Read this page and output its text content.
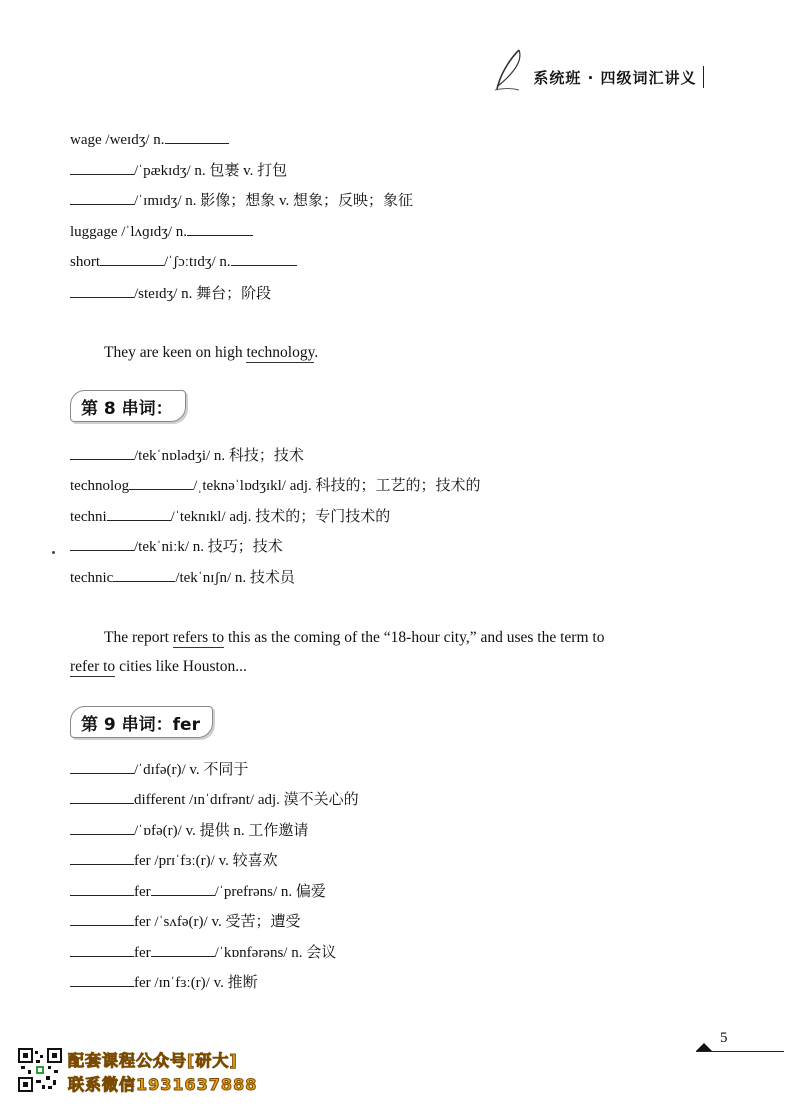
系统班 · 四级词汇讲义
wage /weɪdʒ/ n.
/ˈpækɪdʒ/ n. 包裹 v. 打包
/ˈɪmɪdʒ/ n. 影像；想象 v. 想象；反映；象征
luggage /ˈlʌɡɪdʒ/ n.
short	/ˈʃɔːtɪdʒ/ n.
/steɪdʒ/ n. 舞台；阶段
They are keen on high technology.
第 8 串词：
/tekˈnɒlədʒi/ n. 科技；技术
technolog	/ˌteknəˈlɒdʒɪkl/ adj. 科技的；工艺的；技术的
techni	/ˈteknɪkl/ adj. 技术的；专门技术的
/tekˈniːk/ n. 技巧；技术
technic	/tekˈnɪʃn/ n. 技术员
The report refers to this as the coming of the “18-hour city,” and uses the term to
refer to cities like Houston...
第 9 串词：fer
/ˈdɪfə(r)/ v. 不同于
different /ɪnˈdɪfrənt/ adj. 漠不关心的
/ˈɒfə(r)/ v. 提供 n. 工作邀请
fer /prɪˈfɜː(r)/ v. 较喜欢
fer	/ˈprefrəns/ n. 偏爱
fer /ˈsʌfə(r)/ v. 受苦；遭受
fer	/ˈkɒnfərəns/ n. 会议
fer /ɪnˈfɜː(r)/ v. 推断
5
配套课程公众号[研大]
联系微信1931637888
